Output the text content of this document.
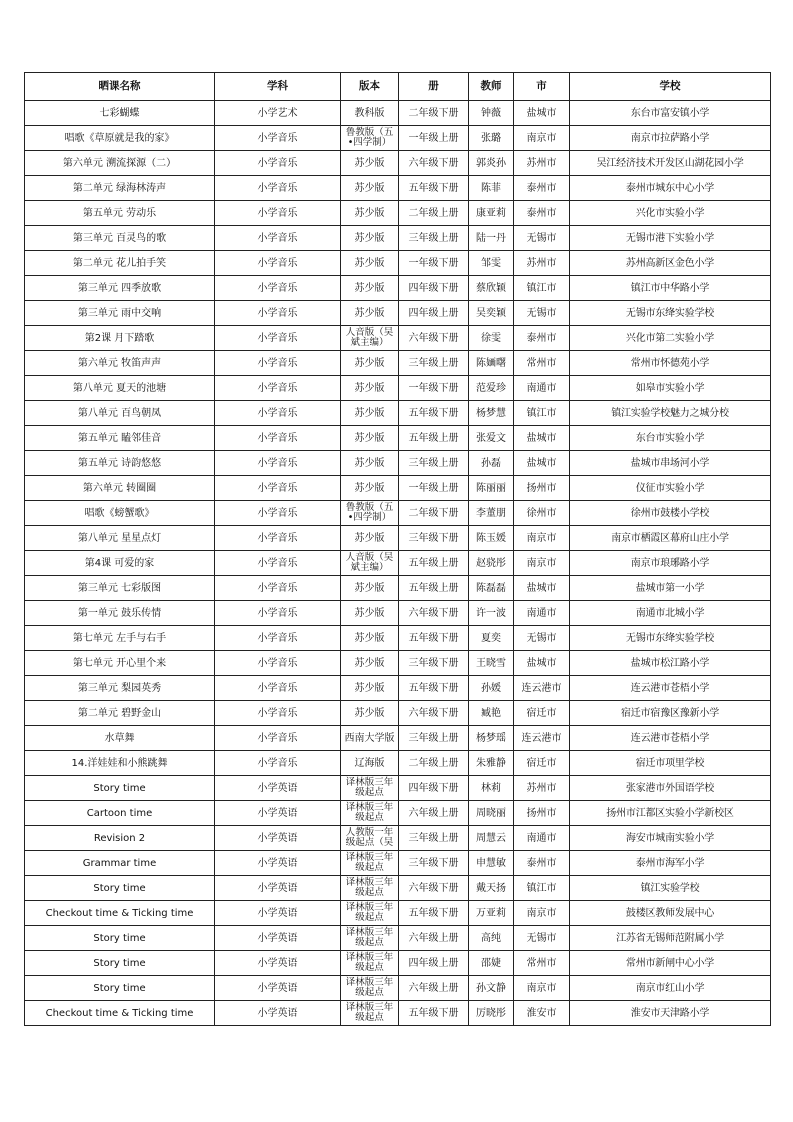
晒课名称	学科	版本	册	教师	市	学校
七彩蝴蝶	小学艺术	教科版	二年级下册	钟薇	盐城市	东台市富安镇小学
唱歌《草原就是我的家》	小学音乐	鲁教版（五•四学制）	一年级上册	张璐	南京市	南京市拉萨路小学
第六单元 溯流探源（二）	小学音乐	苏少版	六年级下册	郭炎孙	苏州市	吴江经济技术开发区山湖花园小学
第二单元 绿海林涛声	小学音乐	苏少版	五年级下册	陈菲	泰州市	泰州市城东中心小学
第五单元 劳动乐	小学音乐	苏少版	二年级上册	康亚莉	泰州市	兴化市实验小学
第三单元 百灵鸟的歌	小学音乐	苏少版	三年级上册	陆一丹	无锡市	无锡市港下实验小学
第二单元 花儿拍手笑	小学音乐	苏少版	一年级下册	邹雯	苏州市	苏州高新区金色小学
第三单元 四季放歌	小学音乐	苏少版	四年级下册	蔡欣颖	镇江市	镇江市中华路小学
第三单元 雨中交响	小学音乐	苏少版	四年级上册	吴奕颖	无锡市	无锡市东绛实验学校
第2课 月下踏歌	小学音乐	人音版（吴斌主编）	六年级下册	徐雯	泰州市	兴化市第二实验小学
第六单元 牧笛声声	小学音乐	苏少版	三年级上册	陈婳曙	常州市	常州市怀德苑小学
第八单元 夏天的池塘	小学音乐	苏少版	一年级下册	范爱珍	南通市	如皋市实验小学
第八单元 百鸟朝凤	小学音乐	苏少版	五年级下册	杨梦慧	镇江市	镇江实验学校魅力之城分校
第五单元 瞌邻佳音	小学音乐	苏少版	五年级上册	张爱文	盐城市	东台市实验小学
第五单元 诗韵悠悠	小学音乐	苏少版	三年级上册	孙磊	盐城市	盐城市串场河小学
第六单元 转圈圈	小学音乐	苏少版	一年级上册	陈丽丽	扬州市	仪征市实验小学
唱歌《螃蟹歌》	小学音乐	鲁教版（五•四学制）	二年级下册	李董朋	徐州市	徐州市鼓楼小学校
第八单元 星星点灯	小学音乐	苏少版	三年级下册	陈玉媛	南京市	南京市栖霞区幕府山庄小学
第4课 可爱的家	小学音乐	人音版（吴斌主编）	五年级上册	赵骁彤	南京市	南京市琅琊路小学
第三单元 七彩版图	小学音乐	苏少版	五年级上册	陈磊磊	盐城市	盐城市第一小学
第一单元 鼓乐传情	小学音乐	苏少版	六年级下册	许一波	南通市	南通市北城小学
第七单元 左手与右手	小学音乐	苏少版	五年级下册	夏奕	无锡市	无锡市东绛实验学校
第七单元 开心里个来	小学音乐	苏少版	三年级下册	王晓雪	盐城市	盐城市松江路小学
第三单元 梨园英秀	小学音乐	苏少版	五年级下册	孙媛	连云港市	连云港市苍梧小学
第二单元 碧野金山	小学音乐	苏少版	六年级下册	臧艳	宿迁市	宿迁市宿豫区豫新小学
水草舞	小学音乐	西南大学版	三年级上册	杨梦瑶	连云港市	连云港市苍梧小学
14.洋娃娃和小熊跳舞	小学音乐	辽海版	二年级上册	朱雅静	宿迁市	宿迁市项里学校
Story time	小学英语	译林版三年级起点	四年级下册	林莉	苏州市	张家港市外国语学校
Cartoon time	小学英语	译林版三年级起点	六年级上册	周晓丽	扬州市	扬州市江都区实验小学新校区
Revision 2	小学英语	人教版一年级起点（吴	三年级上册	周慧云	南通市	海安市城南实验小学
Grammar time	小学英语	译林版三年级起点	三年级下册	申慧敏	泰州市	泰州市海军小学
Story time	小学英语	译林版三年级起点	六年级下册	戴天扬	镇江市	镇江实验学校
Checkout time & Ticking time	小学英语	译林版三年级起点	五年级下册	万亚莉	南京市	鼓楼区教师发展中心
Story time	小学英语	译林版三年级起点	六年级上册	高纯	无锡市	江苏省无锡师范附属小学
Story time	小学英语	译林版三年级起点	四年级上册	邵婕	常州市	常州市新闸中心小学
Story time	小学英语	译林版三年级起点	六年级上册	孙文静	南京市	南京市红山小学
Checkout time & Ticking time	小学英语	译林版三年级起点	五年级下册	厉晓彤	淮安市	淮安市天津路小学
